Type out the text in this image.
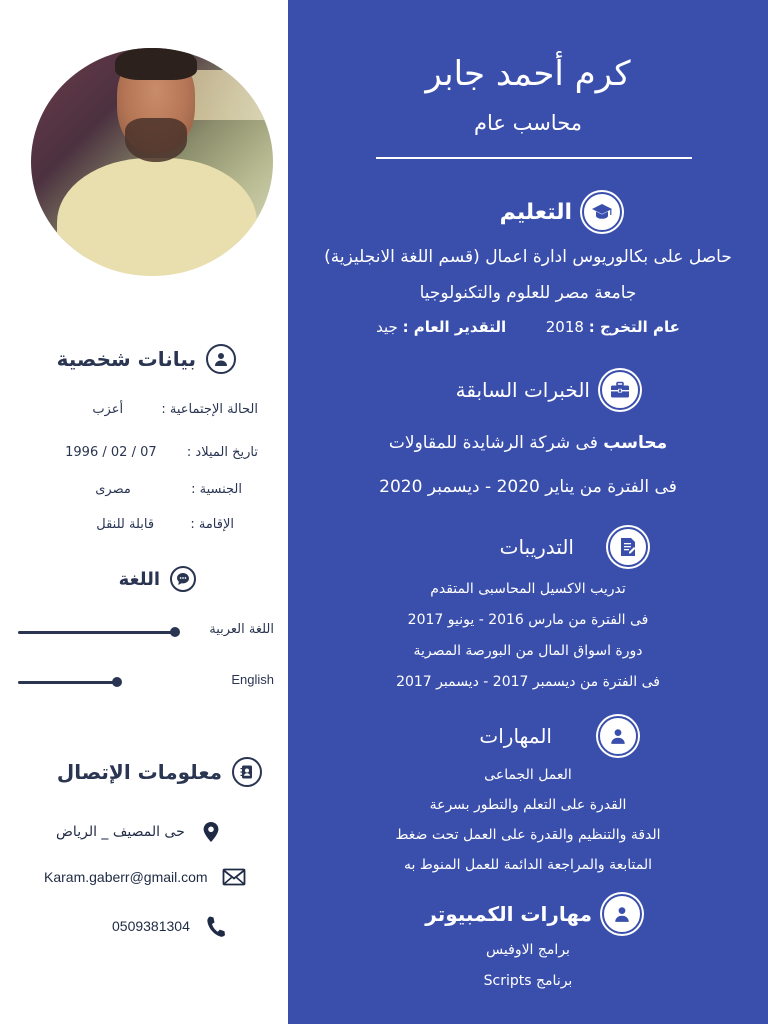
بيانات شخصية
الحالة الإجتماعية :  أعزب
تاريخ الميلاد :  07 / 02 / 1996
الجنسية :  مصرى
الإقامة :  قابلة للنقل
اللغة
اللغة العربية
English
معلومات الإتصال
حى المصيف _ الرياض
Karam.gaberr@gmail.com
0509381304
كرم أحمد جابر
محاسب عام
التعليم
حاصل على بكالوريوس ادارة اعمال (قسم اللغة الانجليزية)
جامعة مصر للعلوم والتكنولوجيا
عام التخرج : 2018  التقدير العام : جيد
الخبرات السابقة
محاسب فى شركة الرشايدة للمقاولات
فى الفترة من يناير 2020 - ديسمبر 2020
التدريبات
تدريب الاكسيل المحاسبى المتقدم
فى الفترة من مارس 2016 - يونيو 2017
دورة اسواق المال من البورصة المصرية
فى الفترة من ديسمبر 2017 - ديسمبر 2017
المهارات
العمل الجماعى
القدرة على التعلم والتطور بسرعة
الدقة والتنظيم والقدرة على العمل تحت ضغط
المتابعة والمراجعة الدائمة للعمل المنوط به
مهارات الكمبيوتر
برامج الاوفيس
برنامج Scripts
